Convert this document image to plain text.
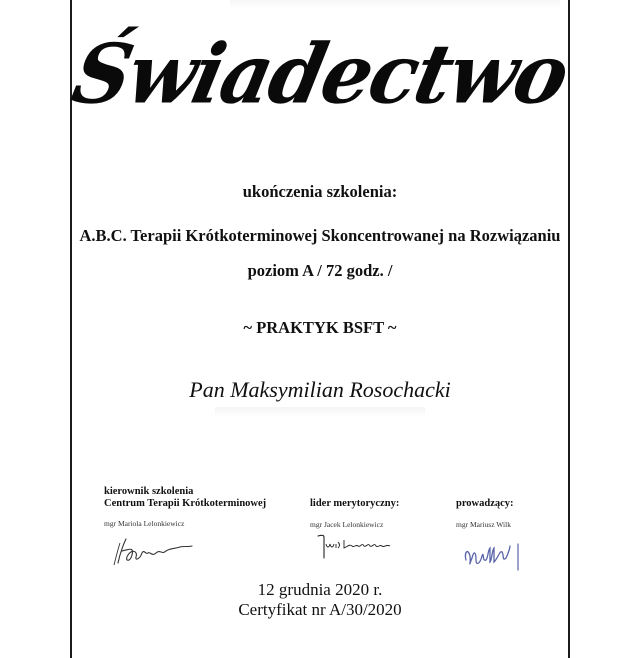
Świadectwo
ukończenia szkolenia:
A.B.C. Terapii Krótkoterminowej Skoncentrowanej na Rozwiązaniu
poziom A / 72 godz. /
~ PRAKTYK BSFT ~
Pan Maksymilian Rosochacki
kierownik szkolenia
Centrum Terapii Krótkoterminowej
mgr Mariola Lelonkiewicz
lider merytoryczny:
mgr Jacek Lelonkiewicz
prowadzący:
mgr Mariusz Wilk
12 grudnia 2020 r.
Certyfikat nr A/30/2020
